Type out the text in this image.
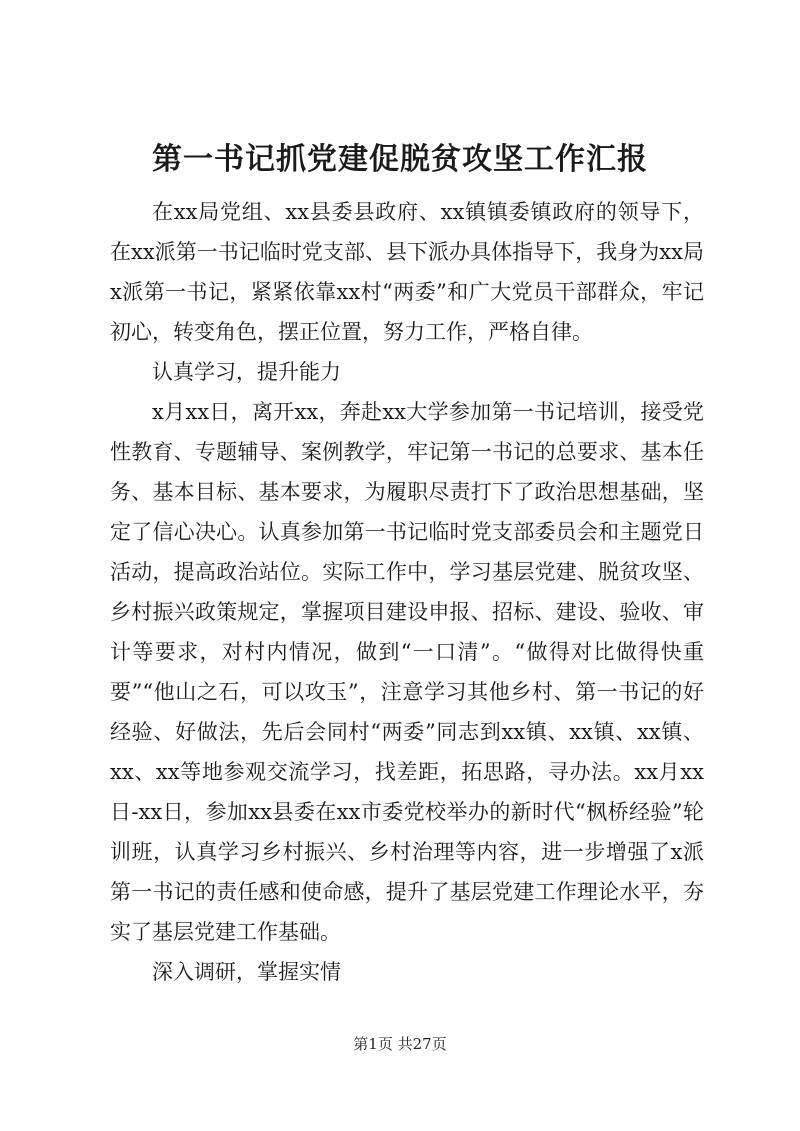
第一书记抓党建促脱贫攻坚工作汇报

在xx局党组、xx县委县政府、xx镇镇委镇政府的领导下，在xx派第一书记临时党支部、县下派办具体指导下，我身为xx局x派第一书记，紧紧依靠xx村“两委”和广大党员干部群众，牢记初心，转变角色，摆正位置，努力工作，严格自律。

认真学习，提升能力

x月xx日，离开xx，奔赴xx大学参加第一书记培训，接受党性教育、专题辅导、案例教学，牢记第一书记的总要求、基本任务、基本目标、基本要求，为履职尽责打下了政治思想基础，坚定了信心决心。认真参加第一书记临时党支部委员会和主题党日活动，提高政治站位。实际工作中，学习基层党建、脱贫攻坚、乡村振兴政策规定，掌握项目建设申报、招标、建设、验收、审计等要求，对村内情况，做到“一口清”。“做得对比做得快重要”“他山之石，可以攻玉”，注意学习其他乡村、第一书记的好经验、好做法，先后会同村“两委”同志到xx镇、xx镇、xx镇、xx、xx等地参观交流学习，找差距，拓思路，寻办法。xx月xx日-xx日，参加xx县委在xx市委党校举办的新时代“枫桥经验”轮训班，认真学习乡村振兴、乡村治理等内容，进一步增强了x派第一书记的责任感和使命感，提升了基层党建工作理论水平，夯实了基层党建工作基础。

深入调研，掌握实情

第1页 共27页
